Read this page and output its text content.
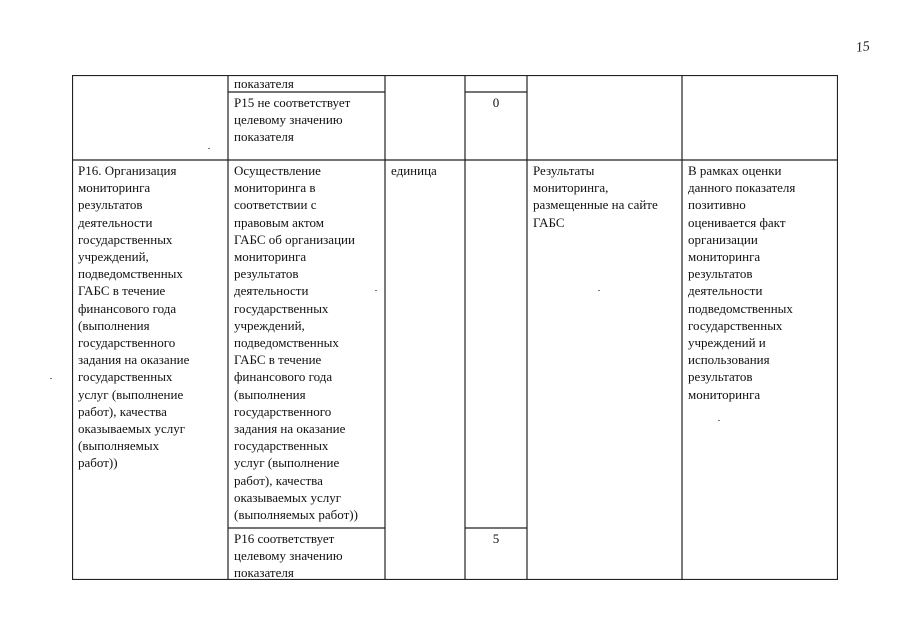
15
показателя
P15 не соответствует
целевому значению
показателя
0
P16. Организация
мониторинга
результатов
деятельности
государственных
учреждений,
подведомственных
ГАБС в течение
финансового года
(выполнения
государственного
задания на оказание
государственных
услуг (выполнение
работ), качества
оказываемых услуг
(выполняемых
работ))
Осуществление
мониторинга в
соответствии с
правовым актом
ГАБС об организации
мониторинга
результатов
деятельности
государственных
учреждений,
подведомственных
ГАБС в течение
финансового года
(выполнения
государственного
задания на оказание
государственных
услуг (выполнение
работ), качества
оказываемых услуг
(выполняемых работ))
единица	Результаты
мониторинга,
размещенные на сайте
ГАБС
В рамках оценки
данного показателя
позитивно
оценивается факт
организации
мониторинга
результатов
деятельности
подведомственных
государственных
учреждений и
использования
результатов
мониторинга
P16 соответствует
целевому значению
показателя
5
